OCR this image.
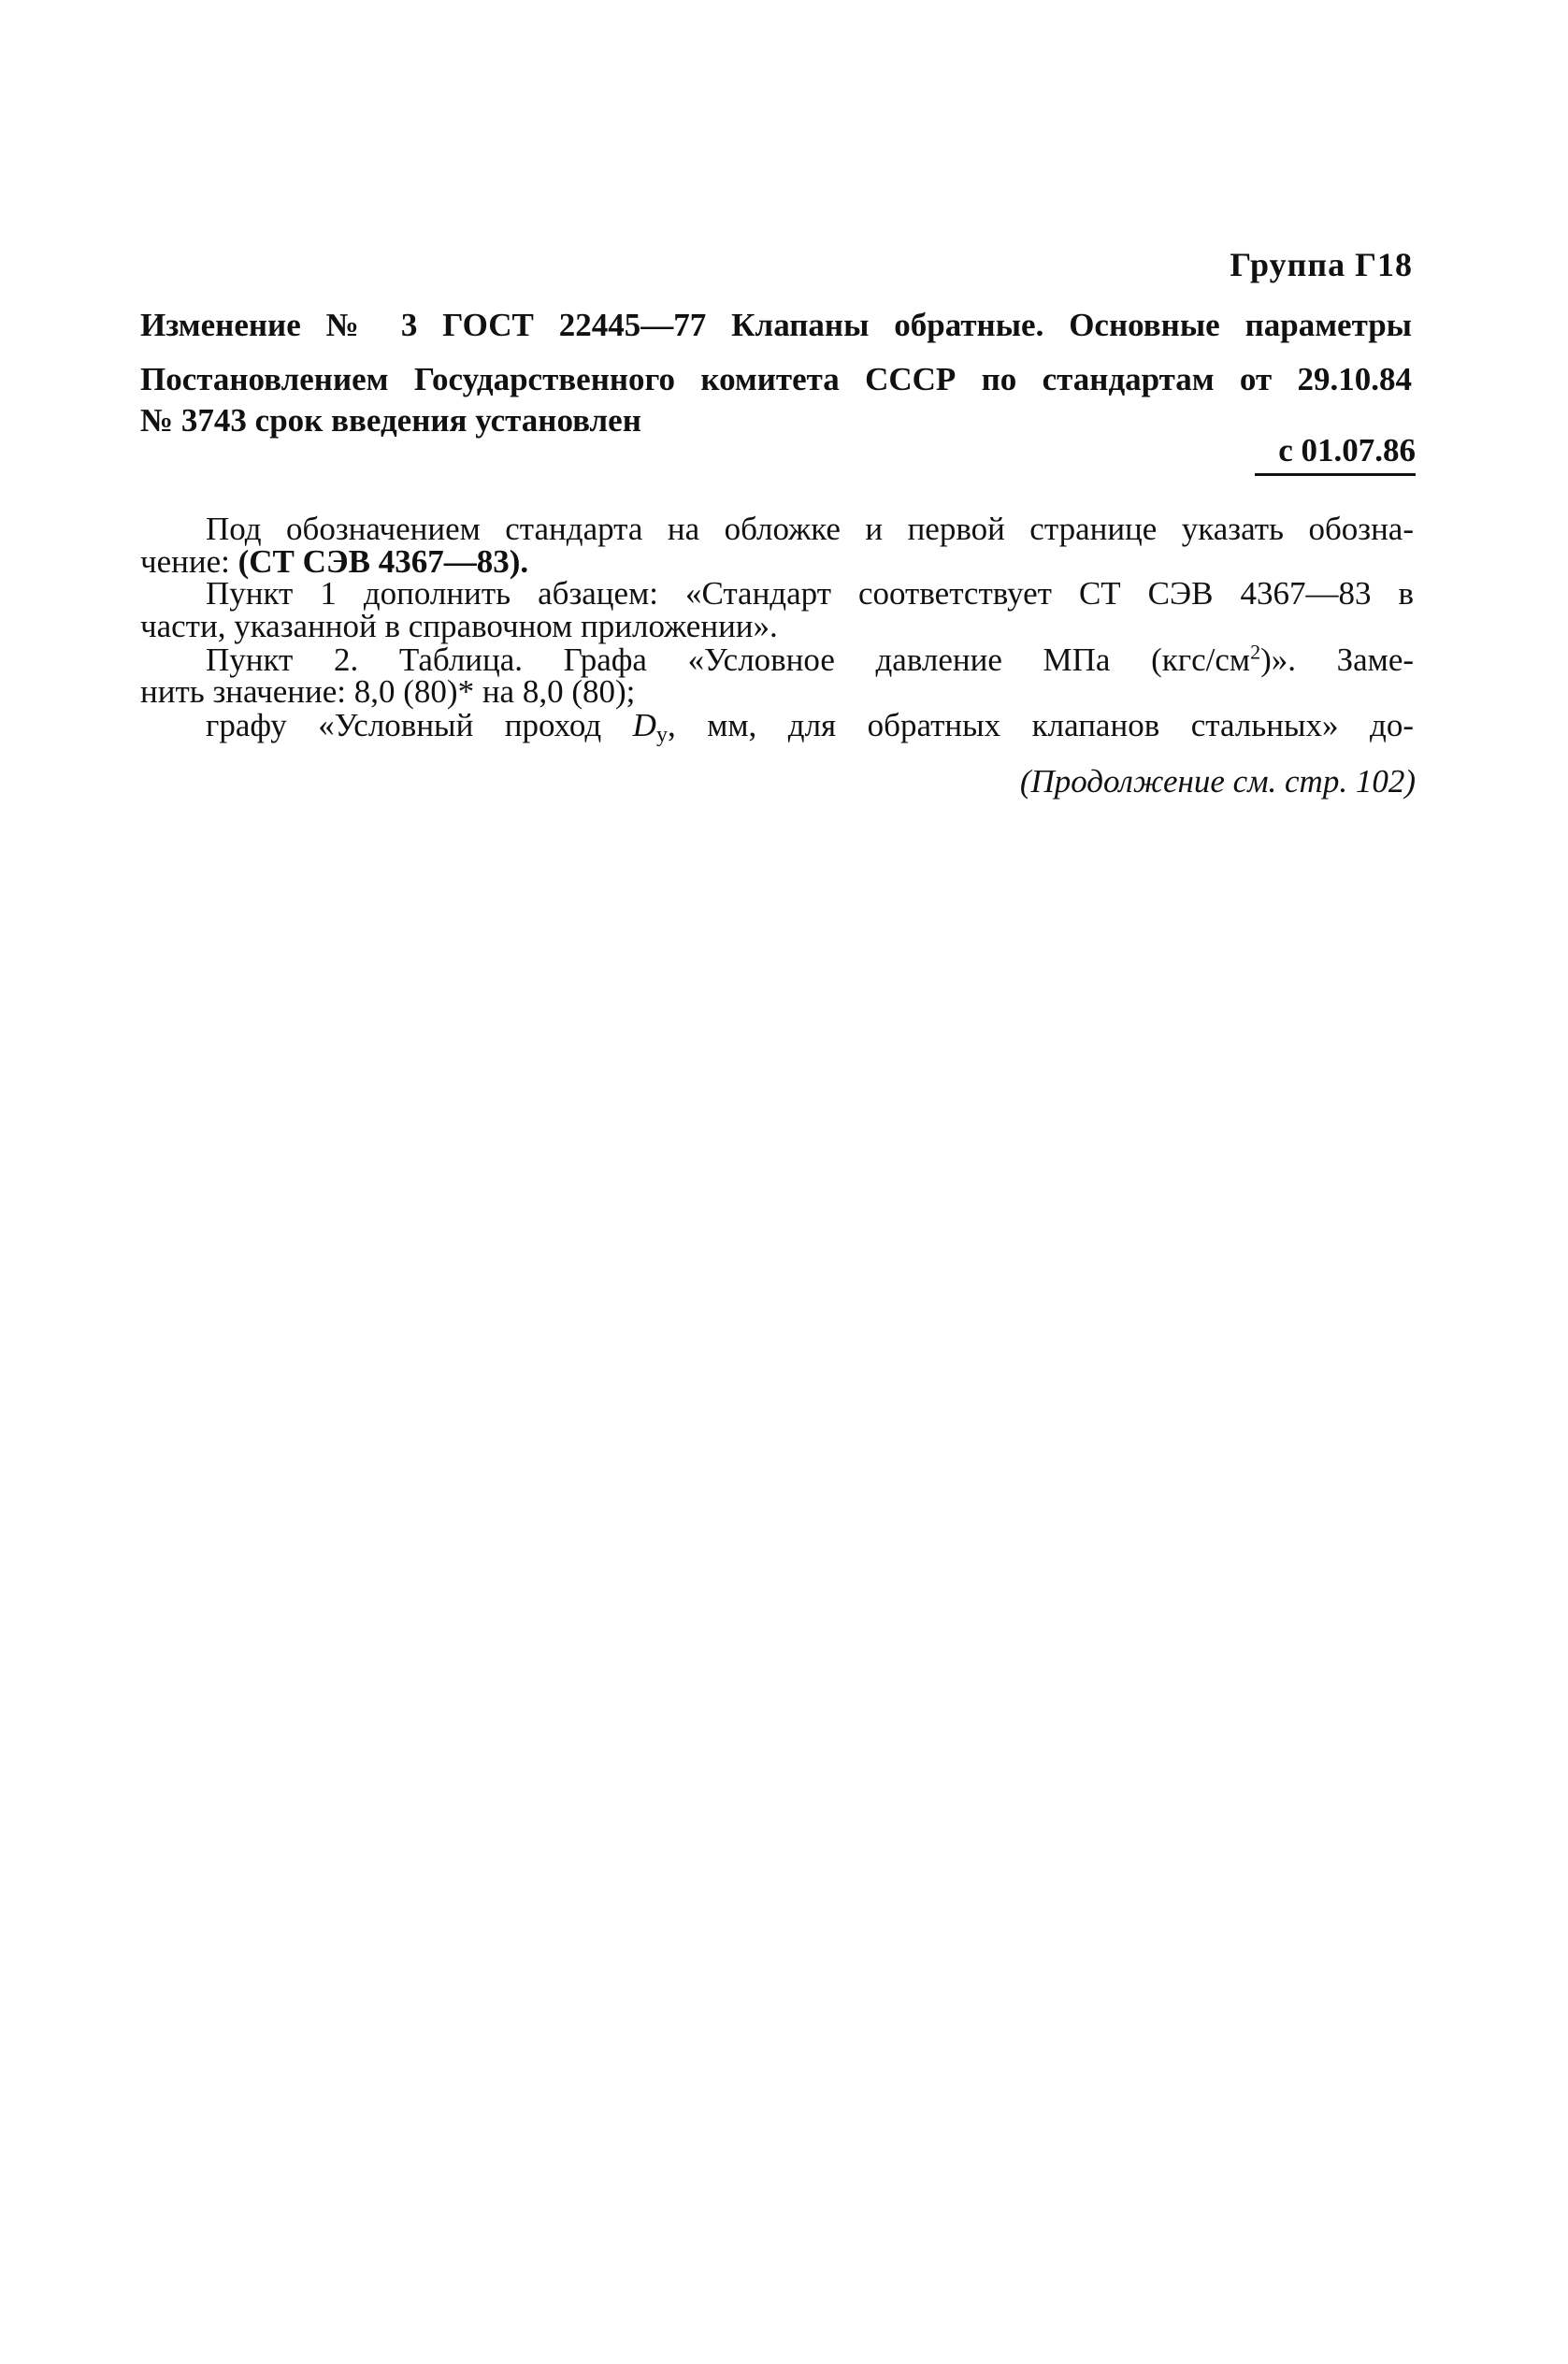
Группа Г18
Изменение № 3 ГОСТ 22445—77 Клапаны обратные. Основные параметры
Постановлением Государственного комитета СССР по стандартам от 29.10.84
№ 3743 срок введения установлен
с 01.07.86
Под обозначением стандарта на обложке и первой странице указать обозна-
чение: (СТ СЭВ 4367—83).
Пункт 1 дополнить абзацем: «Стандарт соответствует СТ СЭВ 4367—83 в
части, указанной в справочном приложении».
Пункт 2. Таблица. Графа «Условное давление МПа $(кгс/см^2)$». Заме-
нить значение: 8,0 (80)* на 8,0 (80);
графу «Условный проход $D_у$, мм, для обратных клапанов стальных» до-
(Продолжение см. стр. 102)
